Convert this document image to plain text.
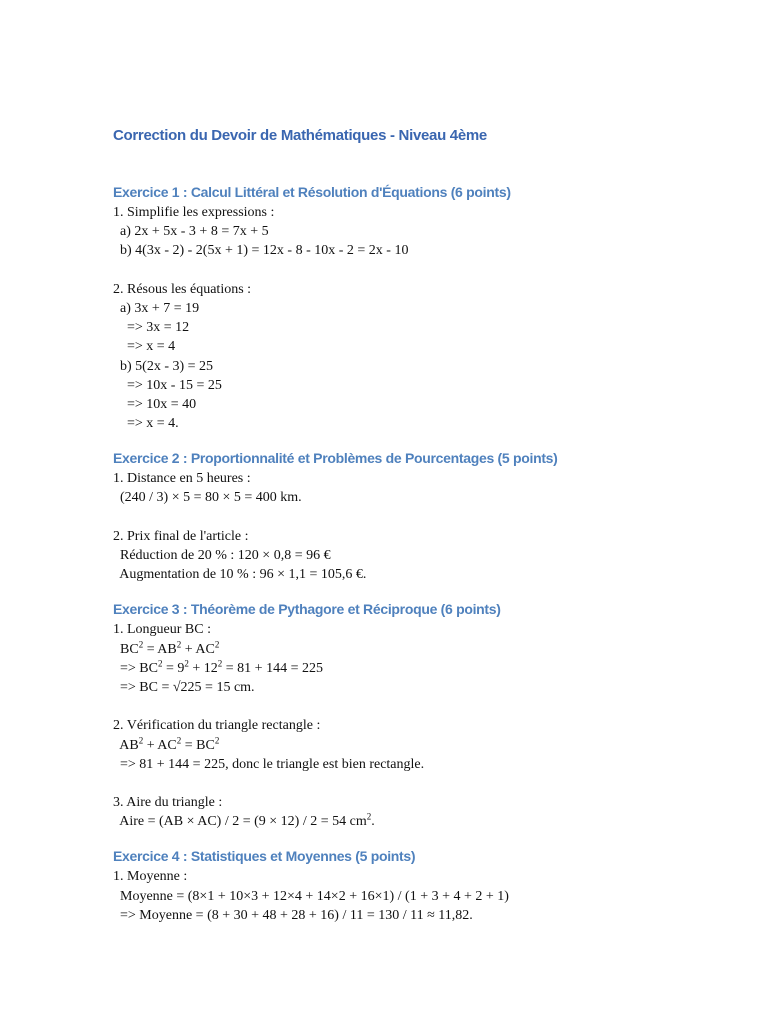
Correction du Devoir de Mathématiques - Niveau 4ème
Exercice 1 : Calcul Littéral et Résolution d'Équations (6 points)
1. Simplifie les expressions :
a) 2x + 5x - 3 + 8 = 7x + 5
b) 4(3x - 2) - 2(5x + 1) = 12x - 8 - 10x - 2 = 2x - 10
2. Résous les équations :
a) 3x + 7 = 19
=> 3x = 12
=> x = 4
b) 5(2x - 3) = 25
=> 10x - 15 = 25
=> 10x = 40
=> x = 4.
Exercice 2 : Proportionnalité et Problèmes de Pourcentages (5 points)
1. Distance en 5 heures :
(240 / 3) × 5 = 80 × 5 = 400 km.
2. Prix final de l'article :
Réduction de 20 % : 120 × 0,8 = 96 €
Augmentation de 10 % : 96 × 1,1 = 105,6 €.
Exercice 3 : Théorème de Pythagore et Réciproque (6 points)
1. Longueur BC :
$BC^2 = AB^2 + AC^2$
=> $BC^2 = 9^2 + 12^2 = 81 + 144 = 225$
=> BC = √225 = 15 cm.
2. Vérification du triangle rectangle :
$AB^2 + AC^2 = BC^2$
=> 81 + 144 = 225, donc le triangle est bien rectangle.
3. Aire du triangle :
Aire = (AB × AC) / 2 = (9 × 12) / 2 = 54 $cm^2$.
Exercice 4 : Statistiques et Moyennes (5 points)
1. Moyenne :
Moyenne = (8×1 + 10×3 + 12×4 + 14×2 + 16×1) / (1 + 3 + 4 + 2 + 1)
=> Moyenne = (8 + 30 + 48 + 28 + 16) / 11 = 130 / 11 ≈ 11,82.
